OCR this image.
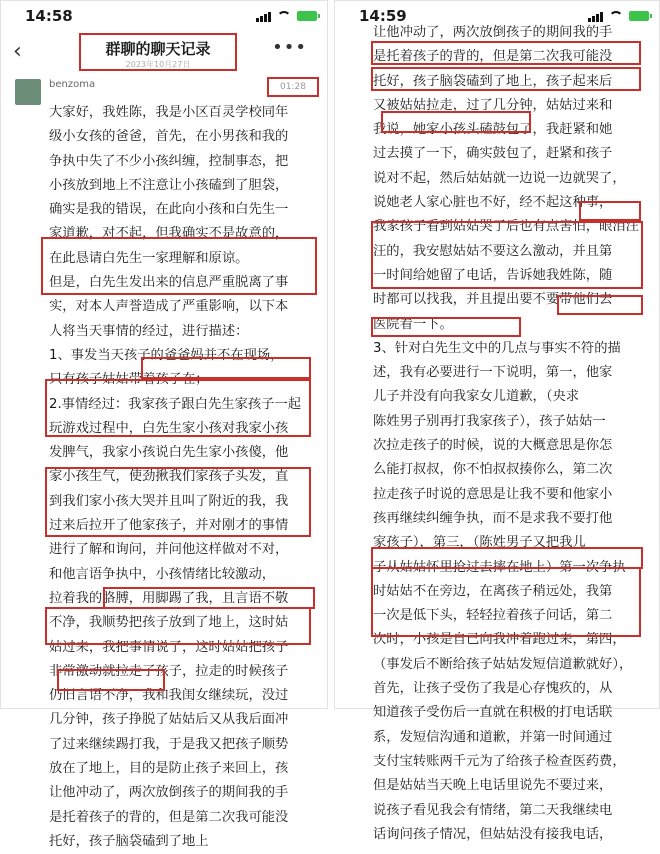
14:58
‹	群聊的聊天记录
2023年10月27日
•••
benzoma	01:28
大家好，我姓陈，我是小区百灵学校同年
级小女孩的爸爸，首先，在小男孩和我的
争执中失了不少小孩纠缠，控制事态，把
小孩放到地上不注意让小孩磕到了胆袋，
确实是我的错误，在此向小孩和白先生一
家道歉，对不起，但我确实不是故意的，
在此恳请白先生一家理解和原谅。
但是，白先生发出来的信息严重脱离了事
实，对本人声誉造成了严重影响，以下本
人将当天事情的经过，进行描述：
1、事发当天孩子的爸爸妈并不在现场，
只有孩子姑姑带着孩子在；
2.事情经过：我家孩子跟白先生家孩子一起
玩游戏过程中，白先生家小孩对我家小孩
发脾气，我家小孩说白先生家小孩傻，他
家小孩生气，使劲揪我们家孩子头发，直
到我们家小孩大哭并且叫了附近的我，我
过来后拉开了他家孩子，并对刚才的事情
进行了解和询问，并问他这样做对不对，
和他言语争执中，小孩情绪比较激动，
拉着我的胳膊，用脚踢了我，且言语不敬
不净，我顺势把孩子放到了地上，这时姑
姑过来，我把事情说了，这时姑姑把孩子
非常激动就拉走了孩子，拉走的时候孩子
仍旧言语不净，我和我闺女继续玩，没过
几分钟，孩子挣脱了姑姑后又从我后面冲
了过来继续踢打我，于是我又把孩子顺势
放在了地上，目的是防止孩子来回上，孩
让他冲动了，两次放倒孩子的期间我的手
是托着孩子的背的，但是第二次我可能没
托好，孩子脑袋磕到了地上
14:59
让他冲动了，两次放倒孩子的期间我的手
是托着孩子的背的，但是第二次我可能没
托好，孩子脑袋磕到了地上，孩子起来后
又被姑姑拉走，过了几分钟，姑姑过来和
我说，她家小孩头磕鼓包了，我赶紧和她
过去摸了一下，确实鼓包了，赶紧和孩子
说对不起，然后姑姑就一边说一边就哭了，
说她老人家心脏也不好，经不起这种事，
我家孩子看到姑姑哭了后也有点害怕，眼泪汪
汪的，我安慰姑姑不要这么激动，并且第
一时间给她留了电话，告诉她我姓陈，随
时都可以找我，并且提出要不要带他们去
医院看一下。
3、针对白先生文中的几点与事实不符的描
述，我有必要进行一下说明，第一，他家
儿子并没有向我家女儿道歉，（央求
陈姓男子别再打我家孩子），孩子姑姑一
次拉走孩子的时候，说的大概意思是你怎
么能打叔叔，你不怕叔叔揍你么，第二次
拉走孩子时说的意思是让我不要和他家小
孩再继续纠缠争执，而不是求我不要打他
家孩子），第三，（陈姓男子又把我儿
子从姑姑怀里抢过去摔在地上）第一次争执
时姑姑不在旁边，在离孩子稍远处，我第
一次是低下头，轻轻拉着孩子问话，第二
次时，小孩是自己向我冲着跑过来，第四，
（事发后不断给孩子姑姑发短信道歉就好），
首先，让孩子受伤了我是心存愧疚的，从
知道孩子受伤后一直就在积极的打电话联
系，发短信沟通和道歉，并第一时间通过
支付宝转账两千元为了给孩子检查医药费，
但是姑姑当天晚上电话里说先不要过来，
说孩子看见我会有情绪，第二天我继续电
话询问孩子情况，但姑姑没有接我电话，
